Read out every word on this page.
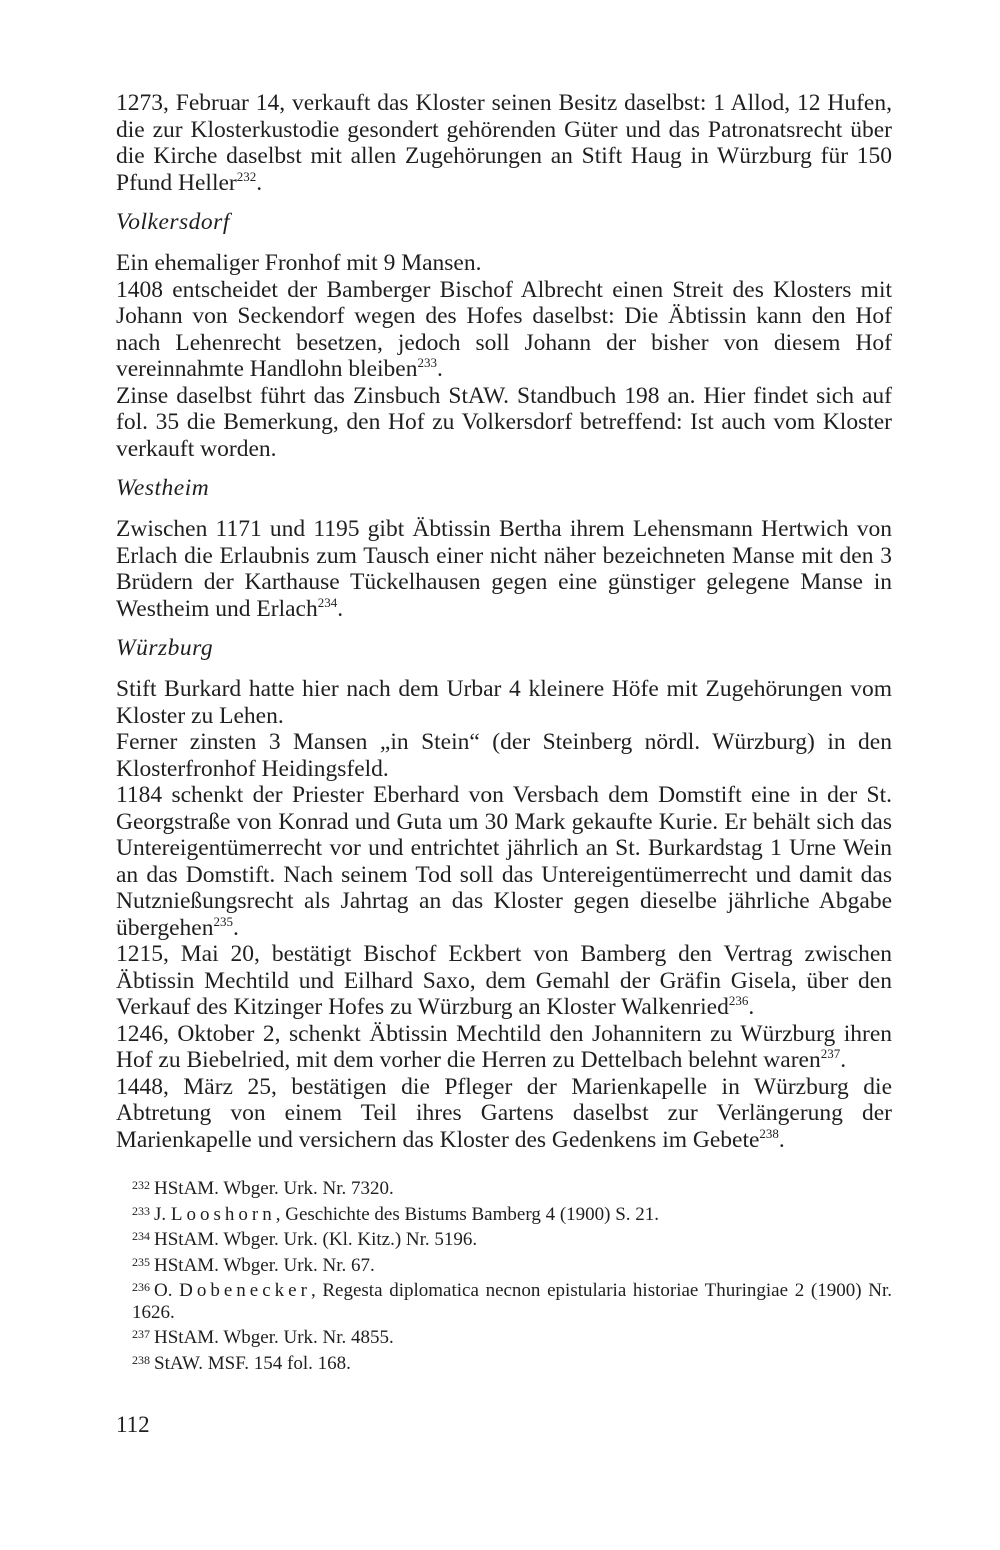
1273, Februar 14, verkauft das Kloster seinen Besitz daselbst: 1 Allod, 12 Hufen, die zur Klosterkustodie gesondert gehörenden Güter und das Patronatsrecht über die Kirche daselbst mit allen Zugehörungen an Stift Haug in Würzburg für 150 Pfund Heller$^{232}$.

Volkersdorf

Ein ehemaliger Fronhof mit 9 Mansen.

1408 entscheidet der Bamberger Bischof Albrecht einen Streit des Klosters mit Johann von Seckendorf wegen des Hofes daselbst: Die Äbtissin kann den Hof nach Lehenrecht besetzen, jedoch soll Johann der bisher von diesem Hof vereinnahmte Handlohn bleiben$^{233}$.

Zinse daselbst führt das Zinsbuch StAW. Standbuch 198 an. Hier findet sich auf fol. 35 die Bemerkung, den Hof zu Volkersdorf betreffend: Ist auch vom Kloster verkauft worden.

Westheim

Zwischen 1171 und 1195 gibt Äbtissin Bertha ihrem Lehensmann Hertwich von Erlach die Erlaubnis zum Tausch einer nicht näher bezeichneten Manse mit den 3 Brüdern der Karthause Tückelhausen gegen eine günstiger gelegene Manse in Westheim und Erlach$^{234}$.

Würzburg

Stift Burkard hatte hier nach dem Urbar 4 kleinere Höfe mit Zugehörungen vom Kloster zu Lehen.

Ferner zinsten 3 Mansen „in Stein“ (der Steinberg nördl. Würzburg) in den Klosterfronhof Heidingsfeld.

1184 schenkt der Priester Eberhard von Versbach dem Domstift eine in der St. Georgstraße von Konrad und Guta um 30 Mark gekaufte Kurie. Er behält sich das Untereigentümerrecht vor und entrichtet jährlich an St. Burkardstag 1 Urne Wein an das Domstift. Nach seinem Tod soll das Untereigentümerrecht und damit das Nutznießungsrecht als Jahrtag an das Kloster gegen dieselbe jährliche Abgabe übergehen$^{235}$.

1215, Mai 20, bestätigt Bischof Eckbert von Bamberg den Vertrag zwischen Äbtissin Mechtild und Eilhard Saxo, dem Gemahl der Gräfin Gisela, über den Verkauf des Kitzinger Hofes zu Würzburg an Kloster Walkenried$^{236}$.

1246, Oktober 2, schenkt Äbtissin Mechtild den Johannitern zu Würzburg ihren Hof zu Biebelried, mit dem vorher die Herren zu Dettelbach belehnt waren$^{237}$.

1448, März 25, bestätigen die Pfleger der Marienkapelle in Würzburg die Abtretung von einem Teil ihres Gartens daselbst zur Verlängerung der Marienkapelle und versichern das Kloster des Gedenkens im Gebete$^{238}$.

$^{232}$ HStAM. Wbger. Urk. Nr. 7320.
$^{233}$ J. Looshorn, Geschichte des Bistums Bamberg 4 (1900) S. 21.
$^{234}$ HStAM. Wbger. Urk. (Kl. Kitz.) Nr. 5196.
$^{235}$ HStAM. Wbger. Urk. Nr. 67.
$^{236}$ O. Dobenecker, Regesta diplomatica necnon epistularia historiae Thuringiae 2 (1900) Nr. 1626.
$^{237}$ HStAM. Wbger. Urk. Nr. 4855.
$^{238}$ StAW. MSF. 154 fol. 168.
112
